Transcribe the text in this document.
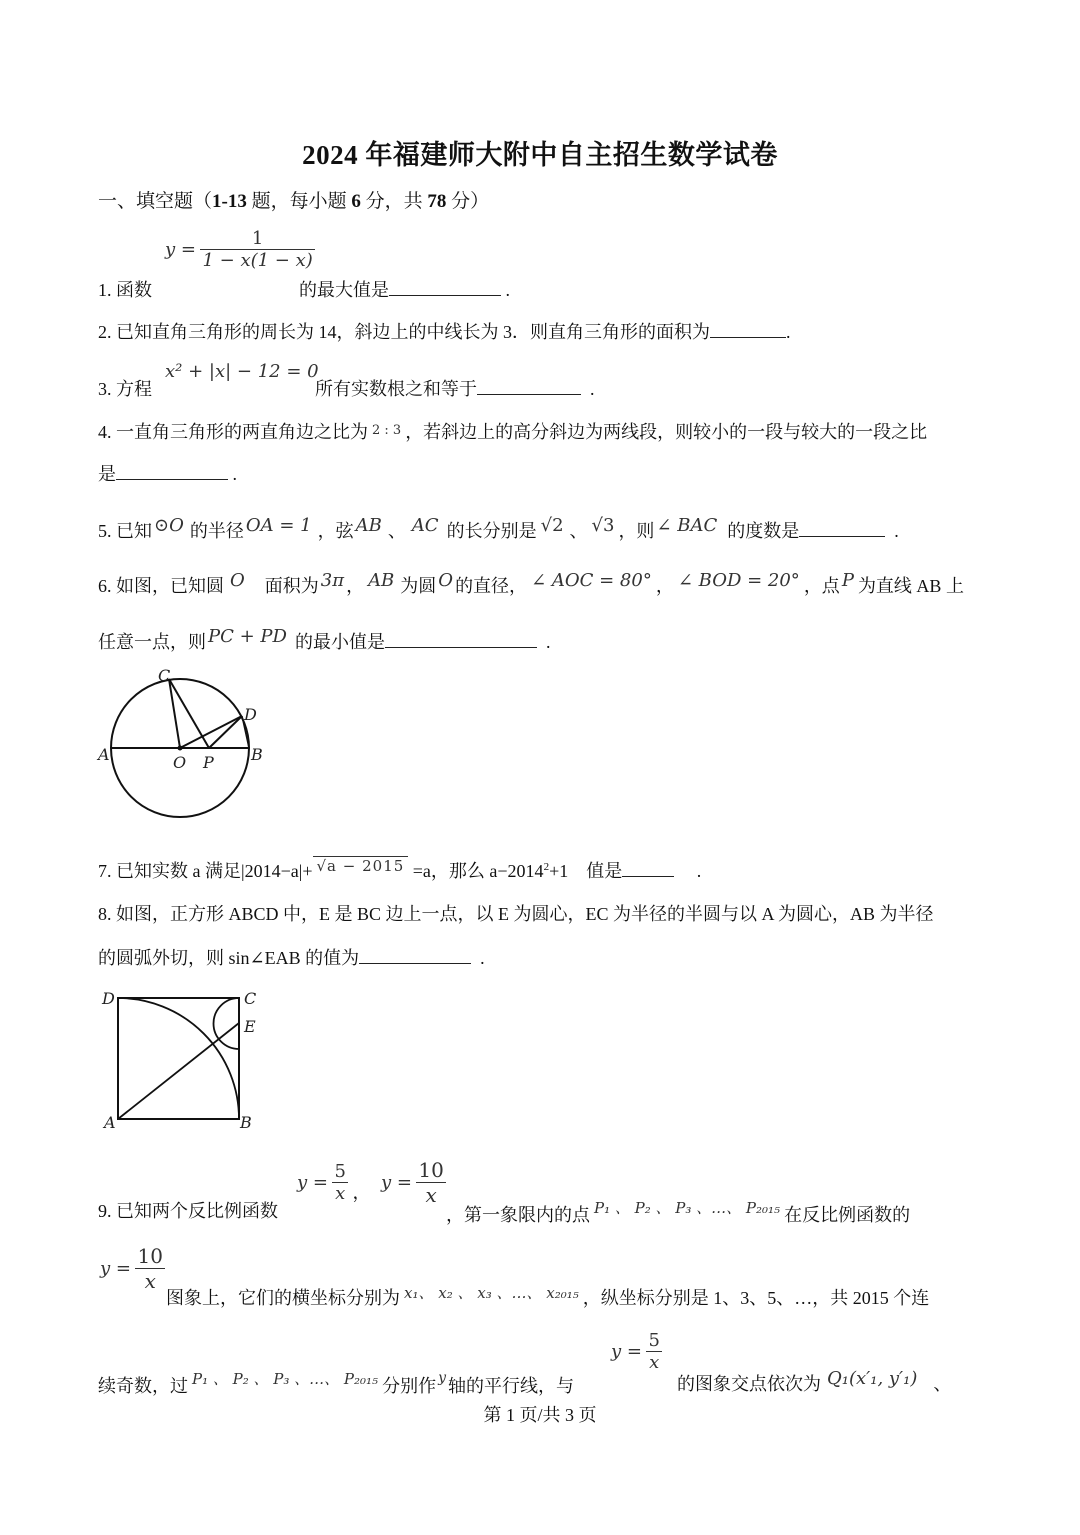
2024 年福建师大附中自主招生数学试卷
一、填空题（1-13 题，每小题 6 分，共 78 分）
1. 函数
$y = \frac{1}{1 - x(1 - x)}$
的最大值是	.
2. 已知直角三角形的周长为 14，斜边上的中线长为 3．则直角三角形的面积为	.
3. 方程
x² + |x| − 12 = 0
所有实数根之和等于	.
4. 一直角三角形的两直角边之比为 $^{2 : 3}$ ，若斜边上的高分斜边为两线段，则较小的一段与较大的一段之比
是	.
5. 已知 ⊙O 的半径 OA = 1 ，弦 AB 、 AC 的长分别是 √2 、 √3 ，则 ∠ BAC 的度数是	.
6. 如图，已知圆 O 面积为 3π ， AB 为圆 O 的直径， ∠ AOC = 80° ， ∠ BOD = 20° ，点 P 为直线 AB 上
任意一点，则 PC + PD 的最小值是	.
A	B
C
D
O P
7. 已知实数 a 满足|2014−a|+ $^{√a - 2015}$ =a，那么 $a-2014^2+1$　值是	.
8. 如图，正方形 ABCD 中，E 是 BC 边上一点，以 E 为圆心，EC 为半径的半圆与以 A 为圆心，AB 为半径
的圆弧外切，则 sin∠EAB 的值为	.
D	C
E
A	B
9. 已知两个反比例函数
$y = \frac{5}{x}$ ， $y = \frac{10}{x}$
，第一象限内的点 $^{P_1 、 P_2 、 P_3 、\dots、 P_{2015}}$ 在反比例函数的
$y = \frac{10}{x}$
图象上，它们的横坐标分别为 $^{x_1、 x_2 、 x_3 、\dots、 x_{2015}}$ ，纵坐标分别是 1、3、5、…，共 2015 个连
续奇数，过 $^{P_1 、 P_2 、 P_3 、\dots、 P_{2015}}$ 分别作 $^y$ 轴的平行线，与
$y = \frac{5}{x}$
的图象交点依次为 Q₁(x′₁, y′₁) 、
第 1 页/共 3 页
